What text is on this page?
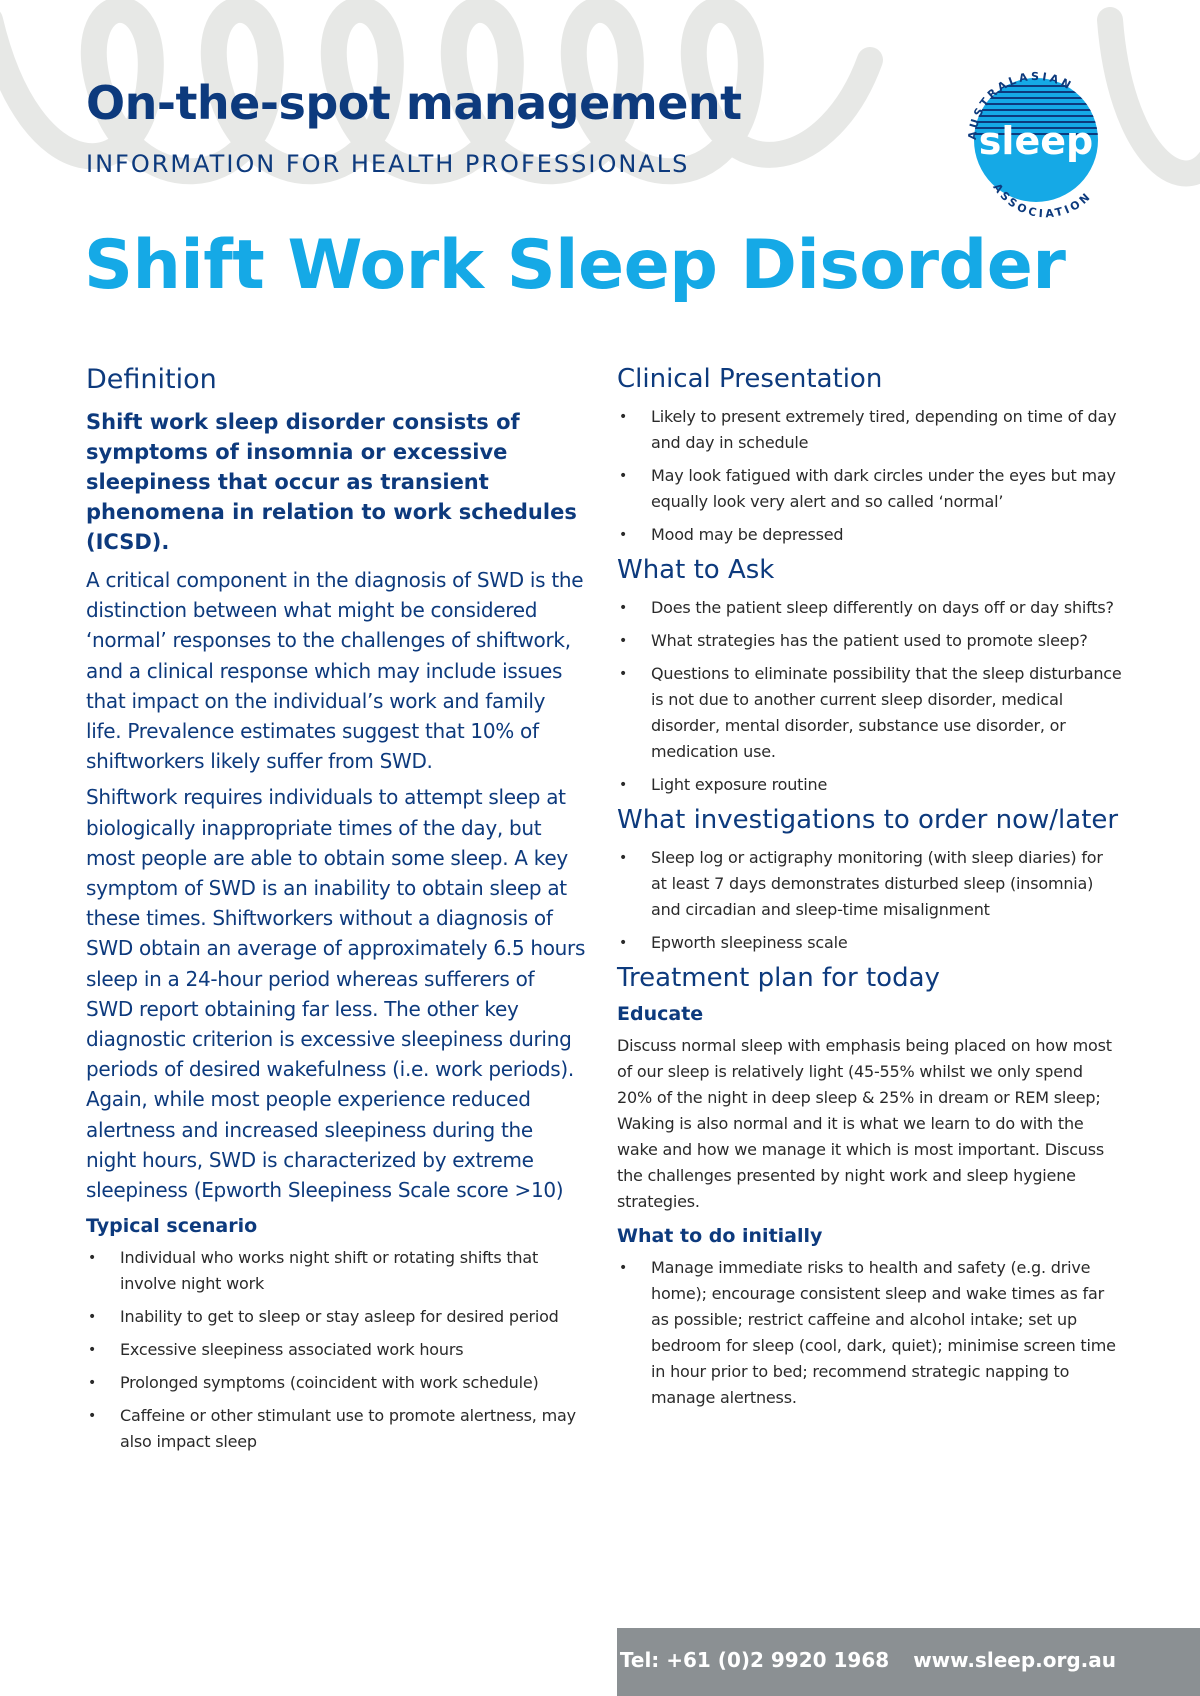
sleep
AUSTRALASIAN
ASSOCIATION
On-the-spot management
INFORMATION FOR HEALTH PROFESSIONALS
Shift Work Sleep Disorder
Definition

Shift work sleep disorder consists of symptoms of insomnia or excessive sleepiness that occur as transient phenomena in relation to work schedules (ICSD).

A critical component in the diagnosis of SWD is the distinction between what might be considered ‘normal’ responses to the challenges of shiftwork, and a clinical response which may include issues that impact on the individual’s work and family life. Prevalence estimates suggest that 10% of shiftworkers likely suffer from SWD.

Shiftwork requires individuals to attempt sleep at biologically inappropriate times of the day, but most people are able to obtain some sleep. A key symptom of SWD is an inability to obtain sleep at these times. Shiftworkers without a diagnosis of SWD obtain an average of approximately 6.5 hours sleep in a 24-hour period whereas sufferers of SWD report obtaining far less. The other key diagnostic criterion is excessive sleepiness during periods of desired wakefulness (i.e. work periods). Again, while most people experience reduced alertness and increased sleepiness during the night hours, SWD is characterized by extreme sleepiness (Epworth Sleepiness Scale score >10)

Typical scenario
• Individual who works night shift or rotating shifts that involve night work
• Inability to get to sleep or stay asleep for desired period
• Excessive sleepiness associated work hours
• Prolonged symptoms (coincident with work schedule)
• Caffeine or other stimulant use to promote alertness, may also impact sleep
Clinical Presentation
• Likely to present extremely tired, depending on time of day and day in schedule
• May look fatigued with dark circles under the eyes but may equally look very alert and so called ‘normal’
• Mood may be depressed
What to Ask
• Does the patient sleep differently on days off or day shifts?
• What strategies has the patient used to promote sleep?
• Questions to eliminate possibility that the sleep disturbance is not due to another current sleep disorder, medical disorder, mental disorder, substance use disorder, or medication use.
• Light exposure routine
What investigations to order now/later
• Sleep log or actigraphy monitoring (with sleep diaries) for at least 7 days demonstrates disturbed sleep (insomnia) and circadian and sleep-time misalignment
• Epworth sleepiness scale
Treatment plan for today
Educate

Discuss normal sleep with emphasis being placed on how most of our sleep is relatively light (45-55% whilst we only spend 20% of the night in deep sleep & 25% in dream or REM sleep; Waking is also normal and it is what we learn to do with the wake and how we manage it which is most important. Discuss the challenges presented by night work and sleep hygiene strategies.

What to do initially
• Manage immediate risks to health and safety (e.g. drive home); encourage consistent sleep and wake times as far as possible; restrict caffeine and alcohol intake; set up bedroom for sleep (cool, dark, quiet); minimise screen time in hour prior to bed; recommend strategic napping to manage alertness.

Tel: +61 (0)2 9920 1968 www.sleep.org.au
